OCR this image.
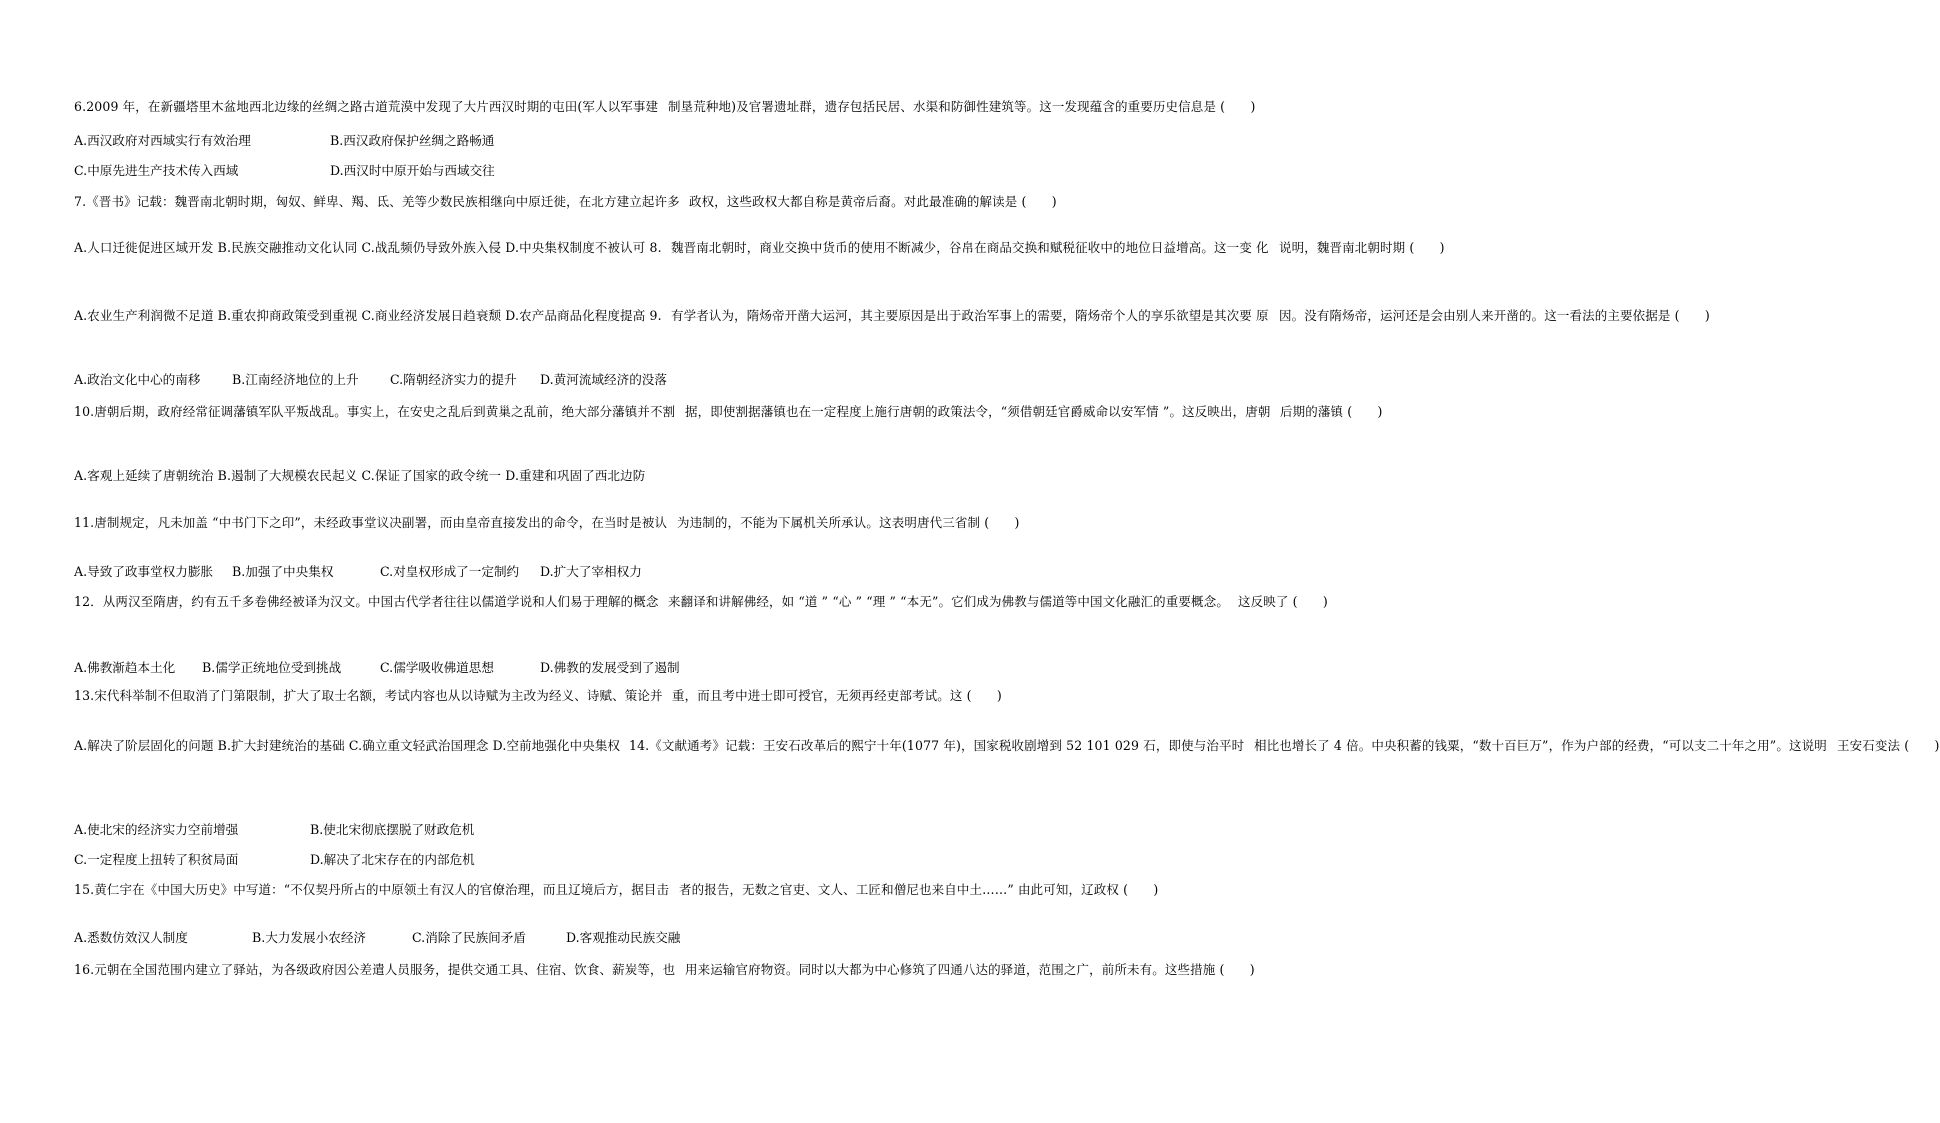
6.2009 年，在新疆塔里木盆地西北边缘的丝绸之路古道荒漠中发现了大片西汉时期的屯田(军人以军事建 制垦荒种地)及官署遗址群，遗存包括民居、水渠和防御性建筑等。这一发现蕴含的重要历史信息是 (　　)
A.西汉政府对西域实行有效治理	B.西汉政府保护丝绸之路畅通
C.中原先进生产技术传入西域	D.西汉时中原开始与西域交往
7.《晋书》记载：魏晋南北朝时期，匈奴、鲜卑、羯、氐、羌等少数民族相继向中原迁徙，在北方建立起许多 政权，这些政权大都自称是黄帝后裔。对此最准确的解读是 (　　)
A.人口迁徙促进区域开发 B.民族交融推动文化认同 C.战乱频仍导致外族入侵 D.中央集权制度不被认可 8. 魏晋南北朝时，商业交换中货币的使用不断减少，谷帛在商品交换和赋税征收中的地位日益增高。这一变 化 说明，魏晋南北朝时期 (　　)
A.农业生产利润微不足道 B.重农抑商政策受到重视 C.商业经济发展日趋衰颓 D.农产品商品化程度提高 9. 有学者认为，隋炀帝开凿大运河，其主要原因是出于政治军事上的需要，隋炀帝个人的享乐欲望是其次要 原 因。没有隋炀帝，运河还是会由别人来开凿的。这一看法的主要依据是 (　　)
A.政治文化中心的南移	B.江南经济地位的上升 C.隋朝经济实力的提升 D.黄河流域经济的没落
10.唐朝后期，政府经常征调藩镇军队平叛战乱。事实上，在安史之乱后到黄巢之乱前，绝大部分藩镇并不割 据，即使割据藩镇也在一定程度上施行唐朝的政策法令，“须借朝廷官爵威命以安军情 ”。这反映出，唐朝 后期的藩镇 (　　)
A.客观上延续了唐朝统治 B.遏制了大规模农民起义 C.保证了国家的政令统一 D.重建和巩固了西北边防
11.唐制规定，凡未加盖 “中书门下之印”，未经政事堂议决副署，而由皇帝直接发出的命令，在当时是被认 为违制的，不能为下属机关所承认。这表明唐代三省制 (　　)
A.导致了政事堂权力膨胀 B.加强了中央集权	C.对皇权形成了一定制约 D.扩大了宰相权力
12．从两汉至隋唐，约有五千多卷佛经被译为汉文。中国古代学者往往以儒道学说和人们易于理解的概念 来翻译和讲解佛经，如 “道 ” “心 ” “理 ” “本无”。它们成为佛教与儒道等中国文化融汇的重要概念。 这反映了 (　　)
A.佛教渐趋本土化 B.儒学正统地位受到挑战	C.儒学吸收佛道思想	D.佛教的发展受到了遏制
13.宋代科举制不但取消了门第限制，扩大了取士名额，考试内容也从以诗赋为主改为经义、诗赋、策论并 重，而且考中进士即可授官，无须再经吏部考试。这 (　　)
A.解决了阶层固化的问题 B.扩大封建统治的基础 C.确立重文轻武治国理念 D.空前地强化中央集权 14.《文献通考》记载：王安石改革后的熙宁十年(1077 年)，国家税收剧增到 52 101 029 石，即使与治平时 相比也增长了 4 倍。中央积蓄的钱粟，“数十百巨万”，作为户部的经费，“可以支二十年之用”。这说明 王安石变法 (　　)
A.使北宋的经济实力空前增强	B.使北宋彻底摆脱了财政危机
C.一定程度上扭转了积贫局面	D.解决了北宋存在的内部危机
15.黄仁宇在《中国大历史》中写道：“不仅契丹所占的中原领土有汉人的官僚治理，而且辽境后方，据目击 者的报告，无数之官吏、文人、工匠和僧尼也来自中土……” 由此可知，辽政权 (　　)
A.悉数仿效汉人制度	B.大力发展小农经济	C.消除了民族间矛盾	D.客观推动民族交融
16.元朝在全国范围内建立了驿站，为各级政府因公差遣人员服务，提供交通工具、住宿、饮食、薪炭等，也 用来运输官府物资。同时以大都为中心修筑了四通八达的驿道，范围之广，前所未有。这些措施 (　　)
